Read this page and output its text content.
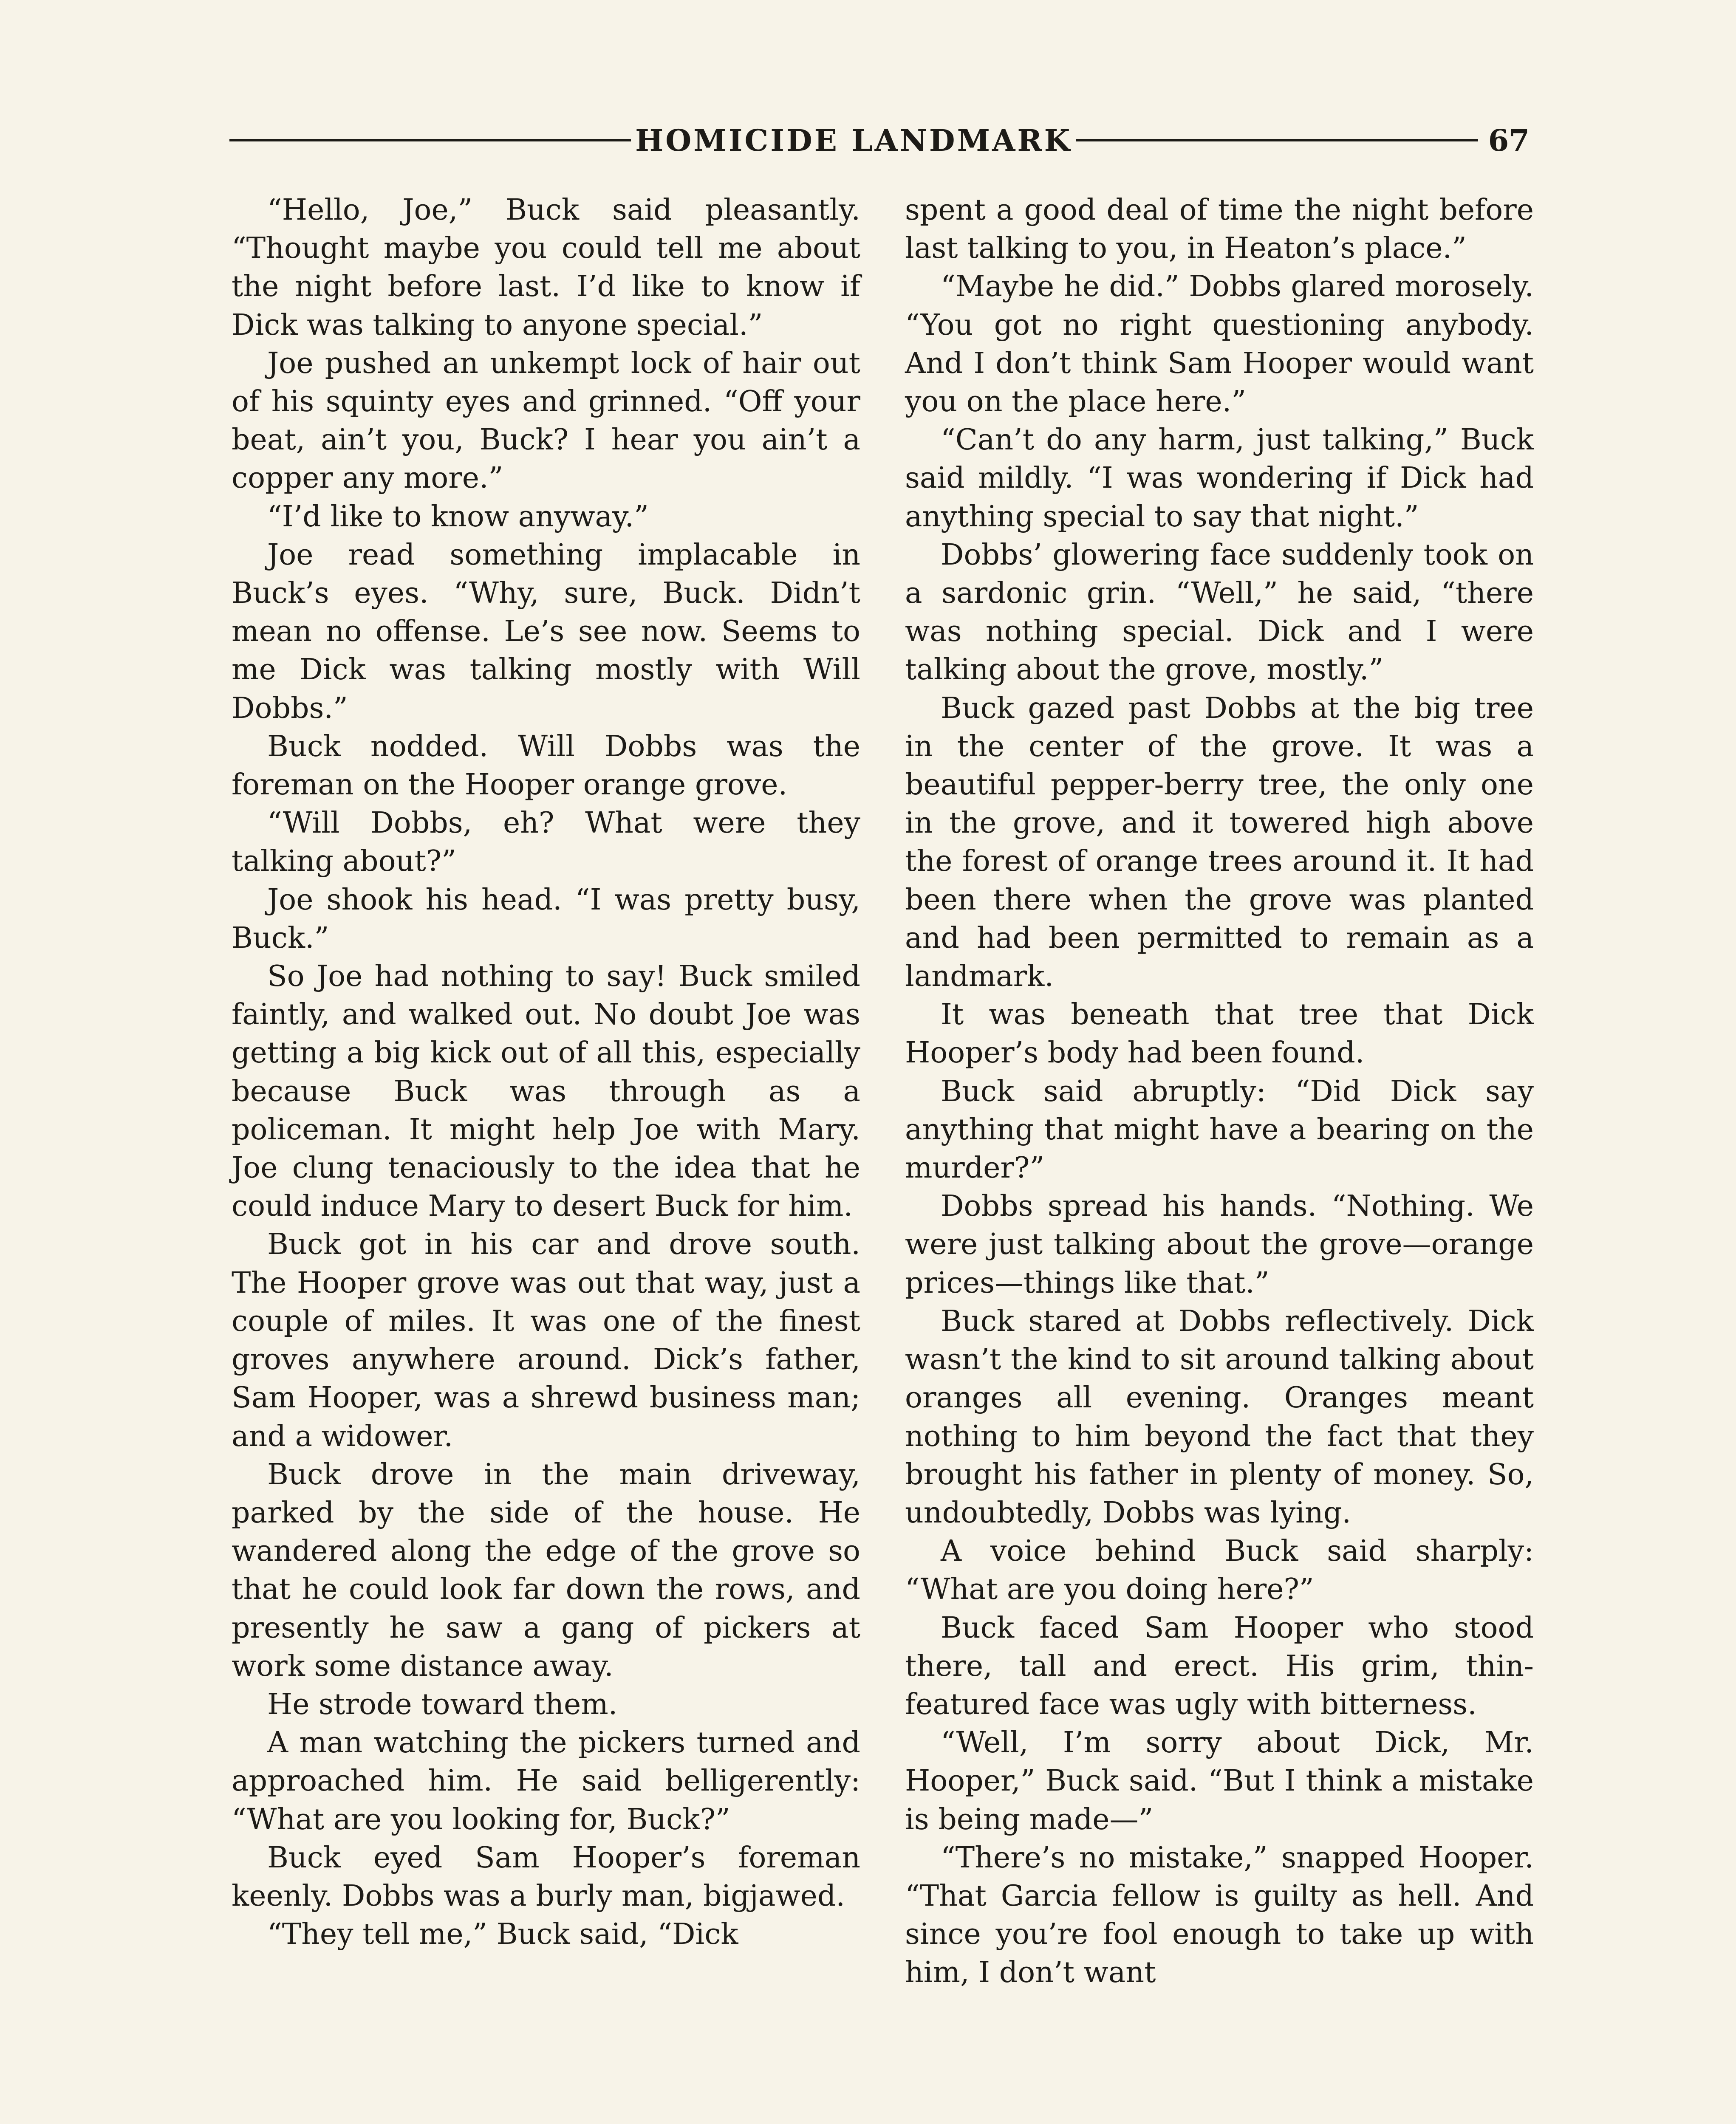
HOMICIDE LANDMARK	67

“Hello, Joe,” Buck said pleasantly. “Thought maybe you could tell me about the night before last. I’d like to know if Dick was talking to anyone special.”

Joe pushed an unkempt lock of hair out of his squinty eyes and grinned. “Off your beat, ain’t you, Buck? I hear you ain’t a copper any more.”

“I’d like to know anyway.”

Joe read something implacable in Buck’s eyes. “Why, sure, Buck. Didn’t mean no offense. Le’s see now. Seems to me Dick was talking mostly with Will Dobbs.”

Buck nodded. Will Dobbs was the foreman on the Hooper orange grove.

“Will Dobbs, eh? What were they talking about?”

Joe shook his head. “I was pretty busy, Buck.”

So Joe had nothing to say! Buck smiled faintly, and walked out. No doubt Joe was getting a big kick out of all this, especially because Buck was through as a policeman. It might help Joe with Mary. Joe clung tenaciously to the idea that he could induce Mary to desert Buck for him.

Buck got in his car and drove south. The Hooper grove was out that way, just a couple of miles. It was one of the finest groves anywhere around. Dick’s father, Sam Hooper, was a shrewd business man; and a widower.

Buck drove in the main driveway, parked by the side of the house. He wandered along the edge of the grove so that he could look far down the rows, and presently he saw a gang of pickers at work some distance away.

He strode toward them.

A man watching the pickers turned and approached him. He said belligerently: “What are you looking for, Buck?”

Buck eyed Sam Hooper’s foreman keenly. Dobbs was a burly man, bigjawed.

“They tell me,” Buck said, “Dick

spent a good deal of time the night before last talking to you, in Heaton’s place.”

“Maybe he did.” Dobbs glared morosely. “You got no right questioning anybody. And I don’t think Sam Hooper would want you on the place here.”

“Can’t do any harm, just talking,” Buck said mildly. “I was wondering if Dick had anything special to say that night.”

Dobbs’ glowering face suddenly took on a sardonic grin. “Well,” he said, “there was nothing special. Dick and I were talking about the grove, mostly.”

Buck gazed past Dobbs at the big tree in the center of the grove. It was a beautiful pepper-berry tree, the only one in the grove, and it towered high above the forest of orange trees around it. It had been there when the grove was planted and had been permitted to remain as a landmark.

It was beneath that tree that Dick Hooper’s body had been found.

Buck said abruptly: “Did Dick say anything that might have a bearing on the murder?”

Dobbs spread his hands. “Nothing. We were just talking about the grove—orange prices—things like that.”

Buck stared at Dobbs reflectively. Dick wasn’t the kind to sit around talking about oranges all evening. Oranges meant nothing to him beyond the fact that they brought his father in plenty of money. So, undoubtedly, Dobbs was lying.

A voice behind Buck said sharply: “What are you doing here?”

Buck faced Sam Hooper who stood there, tall and erect. His grim, thin-featured face was ugly with bitterness.

“Well, I’m sorry about Dick, Mr. Hooper,” Buck said. “But I think a mistake is being made—”

“There’s no mistake,” snapped Hooper. “That Garcia fellow is guilty as hell. And since you’re fool enough to take up with him, I don’t want
